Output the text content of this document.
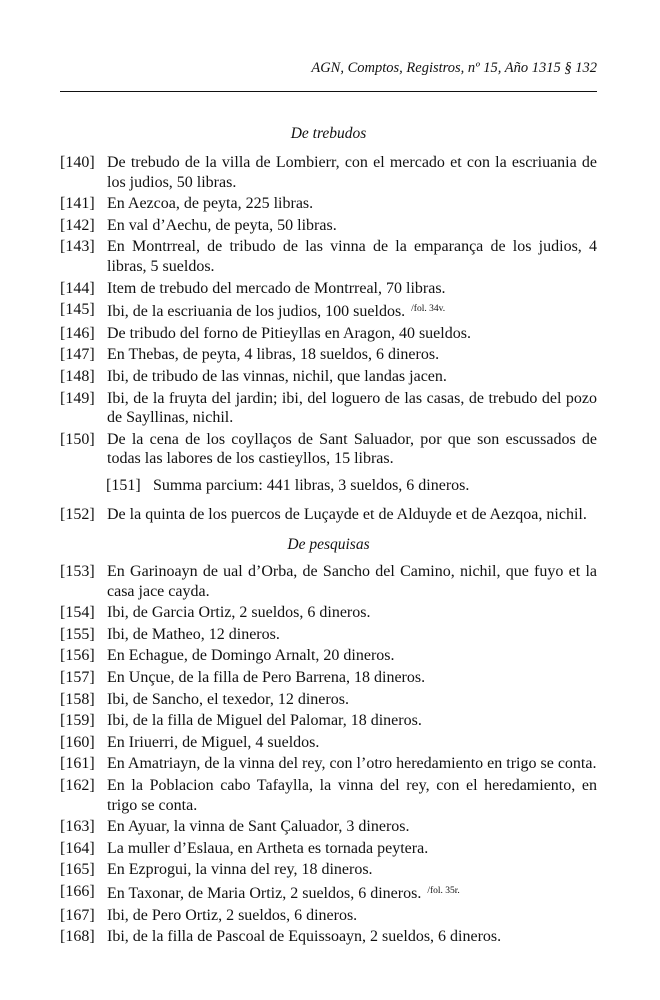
AGN, Comptos, Registros, nº 15, Año 1315 § 132
De trebudos
[140] De trebudo de la villa de Lombierr, con el mercado et con la escriuania de los judios, 50 libras.
[141] En Aezcoa, de peyta, 225 libras.
[142] En val d’Aechu, de peyta, 50 libras.
[143] En Montrreal, de tribudo de las vinna de la emparança de los judios, 4 libras, 5 sueldos.
[144] Item de trebudo del mercado de Montrreal, 70 libras.
[145] Ibi, de la escriuania de los judios, 100 sueldos. $^{/fol. 34v.}$
[146] De tribudo del forno de Pitieyllas en Aragon, 40 sueldos.
[147] En Thebas, de peyta, 4 libras, 18 sueldos, 6 dineros.
[148] Ibi, de tribudo de las vinnas, nichil, que landas jacen.
[149] Ibi, de la fruyta del jardin; ibi, del loguero de las casas, de trebudo del pozo de Sayllinas, nichil.
[150] De la cena de los coyllaços de Sant Saluador, por que son escussados de todas las labores de los castieyllos, 15 libras.
[151] Summa parcium: 441 libras, 3 sueldos, 6 dineros.
[152] De la quinta de los puercos de Luçayde et de Alduyde et de Aezqoa, nichil.
De pesquisas
[153] En Garinoayn de ual d’Orba, de Sancho del Camino, nichil, que fuyo et la casa jace cayda.
[154] Ibi, de Garcia Ortiz, 2 sueldos, 6 dineros.
[155] Ibi, de Matheo, 12 dineros.
[156] En Echague, de Domingo Arnalt, 20 dineros.
[157] En Unçue, de la filla de Pero Barrena, 18 dineros.
[158] Ibi, de Sancho, el texedor, 12 dineros.
[159] Ibi, de la filla de Miguel del Palomar, 18 dineros.
[160] En Iriuerri, de Miguel, 4 sueldos.
[161] En Amatriayn, de la vinna del rey, con l’otro heredamiento en trigo se conta.
[162] En la Poblacion cabo Tafaylla, la vinna del rey, con el heredamiento, en trigo se conta.
[163] En Ayuar, la vinna de Sant Çaluador, 3 dineros.
[164] La muller d’Eslaua, en Artheta es tornada peytera.
[165] En Ezprogui, la vinna del rey, 18 dineros.
[166] En Taxonar, de Maria Ortiz, 2 sueldos, 6 dineros. $^{/fol. 35r.}$
[167] Ibi, de Pero Ortiz, 2 sueldos, 6 dineros.
[168] Ibi, de la filla de Pascoal de Equissoayn, 2 sueldos, 6 dineros.
